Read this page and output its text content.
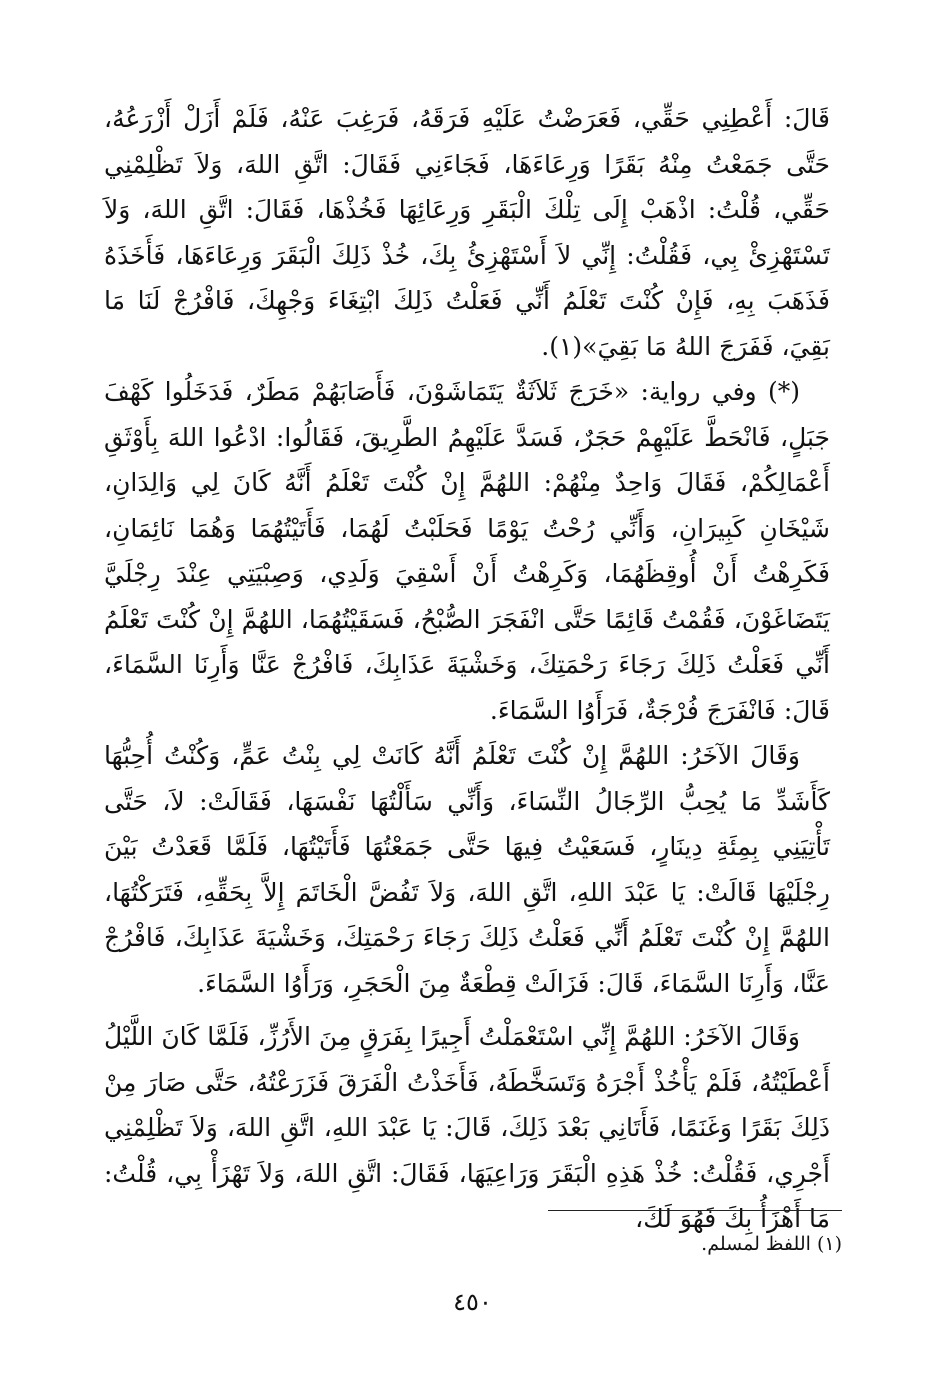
قَالَ: أَعْطِنِي حَقِّي، فَعَرَضْتُ عَلَيْهِ فَرَقَهُ، فَرَغِبَ عَنْهُ، فَلَمْ أَزَلْ أَزْرَعُهُ، حَتَّى جَمَعْتُ مِنْهُ بَقَرًا وَرِعَاءَهَا، فَجَاءَنِي فَقَالَ: اتَّقِ اللهَ، وَلاَ تَظْلِمْنِي حَقِّي، قُلْتُ: اذْهَبْ إِلَى تِلْكَ الْبَقَرِ وَرِعَائِهَا فَخُذْهَا، فَقَالَ: اتَّقِ اللهَ، وَلاَ تَسْتَهْزِئْ بِي، فَقُلْتُ: إِنِّي لاَ أَسْتَهْزِئُ بِكَ، خُذْ ذَلِكَ الْبَقَرَ وَرِعَاءَهَا، فَأَخَذَهُ فَذَهَبَ بِهِ، فَإِنْ كُنْتَ تَعْلَمُ أَنِّي فَعَلْتُ ذَلِكَ ابْتِغَاءَ وَجْهِكَ، فَافْرُجْ لَنَا مَا بَقِيَ، فَفَرَجَ اللهُ مَا بَقِيَ»(١).

(*) وفي رواية: «خَرَجَ ثَلاَثَةٌ يَتَمَاشَوْنَ، فَأَصَابَهُمْ مَطَرٌ، فَدَخَلُوا كَهْفَ جَبَلٍ، فَانْحَطَّ عَلَيْهِمْ حَجَرٌ، فَسَدَّ عَلَيْهِمُ الطَّرِيقَ، فَقَالُوا: ادْعُوا اللهَ بِأَوْثَقِ أَعْمَالِكُمْ، فَقَالَ وَاحِدٌ مِنْهُمْ: اللهُمَّ إِنْ كُنْتَ تَعْلَمُ أَنَّهُ كَانَ لِي وَالِدَانِ، شَيْخَانِ كَبِيرَانِ، وَأَنِّي رُحْتُ يَوْمًا فَحَلَبْتُ لَهُمَا، فَأَتَيْتُهُمَا وَهُمَا نَائِمَانِ، فَكَرِهْتُ أَنْ أُوقِظَهُمَا، وَكَرِهْتُ أَنْ أَسْقِيَ وَلَدِي، وَصِبْيَتِي عِنْدَ رِجْلَيَّ يَتَضَاغَوْنَ، فَقُمْتُ قَائِمًا حَتَّى انْفَجَرَ الصُّبْحُ، فَسَقَيْتُهُمَا، اللهُمَّ إِنْ كُنْتَ تَعْلَمُ أَنِّي فَعَلْتُ ذَلِكَ رَجَاءَ رَحْمَتِكَ، وَخَشْيَةَ عَذَابِكَ، فَافْرُجْ عَنَّا وَأَرِنَا السَّمَاءَ، قَالَ: فَانْفَرَجَ فُرْجَةٌ، فَرَأَوُا السَّمَاءَ.

وَقَالَ الآخَرُ: اللهُمَّ إِنْ كُنْتَ تَعْلَمُ أَنَّهُ كَانَتْ لِي بِنْتُ عَمٍّ، وَكُنْتُ أُحِبُّهَا كَأَشَدِّ مَا يُحِبُّ الرِّجَالُ النِّسَاءَ، وَأَنِّي سَأَلْتُهَا نَفْسَهَا، فَقَالَتْ: لاَ، حَتَّى تَأْتِيَنِي بِمِئَةِ دِينَارٍ، فَسَعَيْتُ فِيهَا حَتَّى جَمَعْتُهَا فَأَتَيْتُهَا، فَلَمَّا قَعَدْتُ بَيْنَ رِجْلَيْهَا قَالَتْ: يَا عَبْدَ اللهِ، اتَّقِ اللهَ، وَلاَ تَفُضَّ الْخَاتَمَ إِلاَّ بِحَقِّهِ، فَتَرَكْتُهَا، اللهُمَّ إِنْ كُنْتَ تَعْلَمُ أَنِّي فَعَلْتُ ذَلِكَ رَجَاءَ رَحْمَتِكَ، وَخَشْيَةَ عَذَابِكَ، فَافْرُجْ عَنَّا، وَأَرِنَا السَّمَاءَ، قَالَ: فَزَالَتْ قِطْعَةٌ مِنَ الْحَجَرِ، وَرَأَوُا السَّمَاءَ.

وَقَالَ الآخَرُ: اللهُمَّ إِنِّي اسْتَعْمَلْتُ أَجِيرًا بِفَرَقٍ مِنَ الأَرُزِّ، فَلَمَّا كَانَ اللَّيْلُ أَعْطَيْتُهُ، فَلَمْ يَأْخُذْ أَجْرَهُ وَتَسَخَّطَهُ، فَأَخَذْتُ الْفَرَقَ فَزَرَعْتُهُ، حَتَّى صَارَ مِنْ ذَلِكَ بَقَرًا وَغَنَمًا، فَأَتَانِي بَعْدَ ذَلِكَ، قَالَ: يَا عَبْدَ اللهِ، اتَّقِ اللهَ، وَلاَ تَظْلِمْنِي أَجْرِي، فَقُلْتُ: خُذْ هَذِهِ الْبَقَرَ وَرَاعِيَهَا، فَقَالَ: اتَّقِ اللهَ، وَلاَ تَهْزَأْ بِي، قُلْتُ: مَا أَهْزَأُ بِكَ فَهُوَ لَكَ،

(١) اللفظ لمسلم.

٤٥٠
